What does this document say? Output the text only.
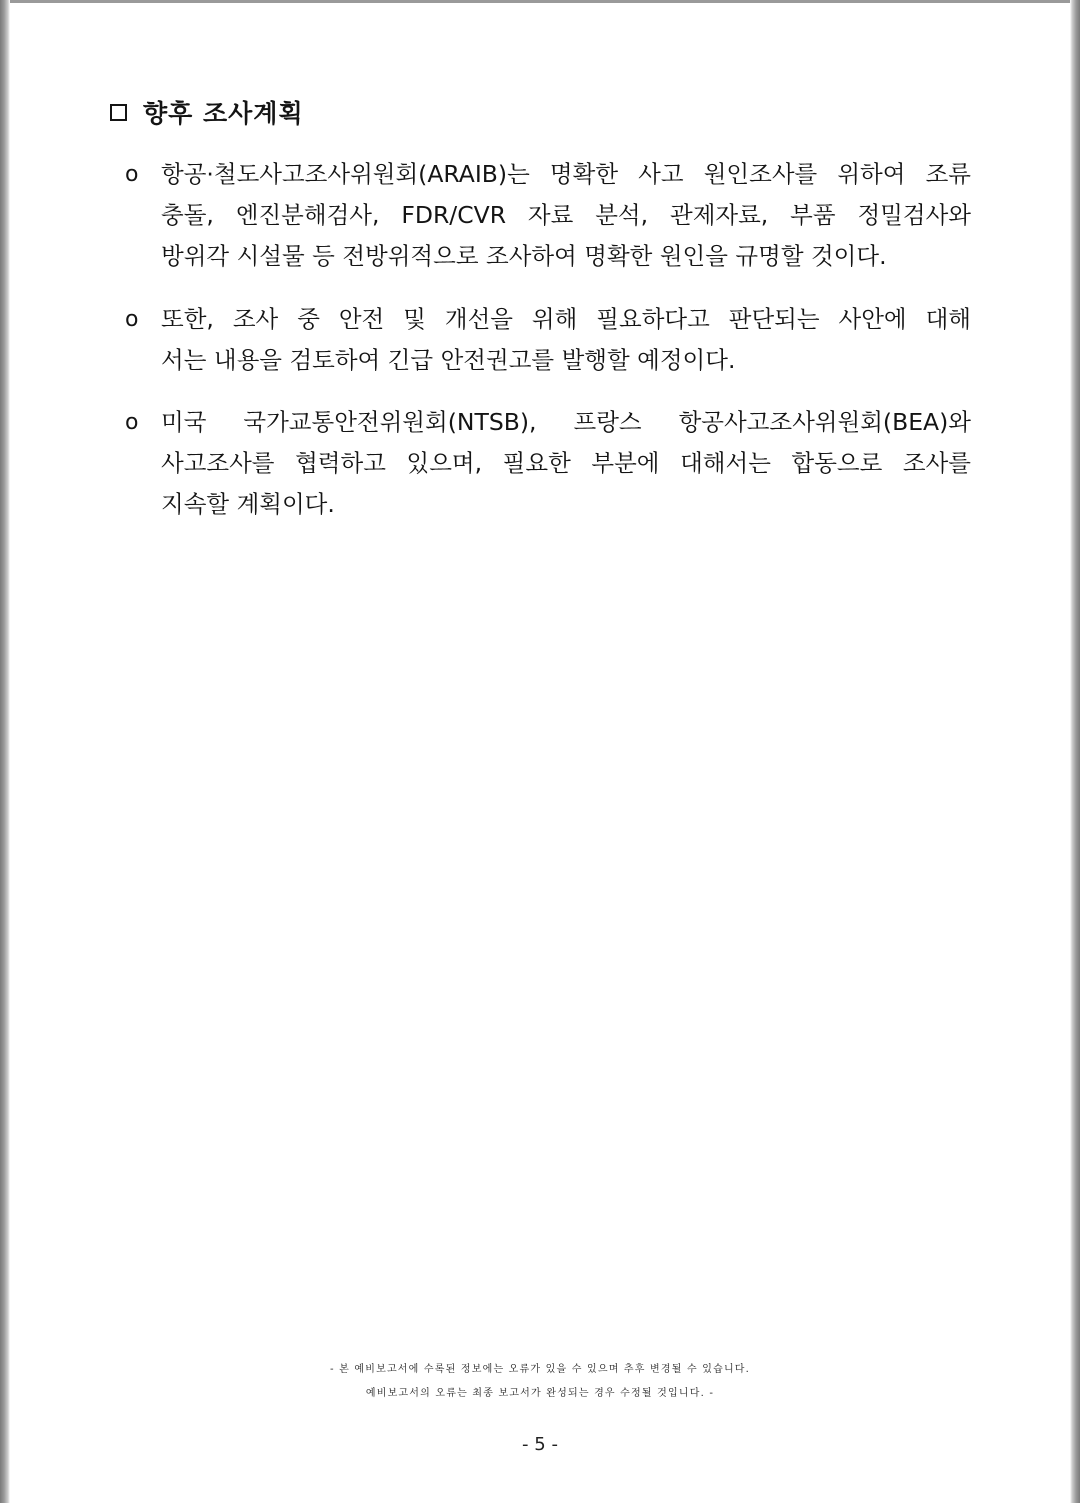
향후 조사계획
o 항공·철도사고조사위원회(ARAIB)는 명확한 사고 원인조사를 위하여 조류
충돌, 엔진분해검사, FDR/CVR 자료 분석, 관제자료, 부품 정밀검사와
방위각 시설물 등 전방위적으로 조사하여 명확한 원인을 규명할 것이다.
o 또한, 조사 중 안전 및 개선을 위해 필요하다고 판단되는 사안에 대해
서는 내용을 검토하여 긴급 안전권고를 발행할 예정이다.
o 미국 국가교통안전위원회(NTSB), 프랑스 항공사고조사위원회(BEA)와
사고조사를 협력하고 있으며, 필요한 부분에 대해서는 합동으로 조사를
지속할 계획이다.
- 본 예비보고서에 수록된 정보에는 오류가 있을 수 있으며 추후 변경될 수 있습니다.
예비보고서의 오류는 최종 보고서가 완성되는 경우 수정될 것입니다. -
- 5 -
